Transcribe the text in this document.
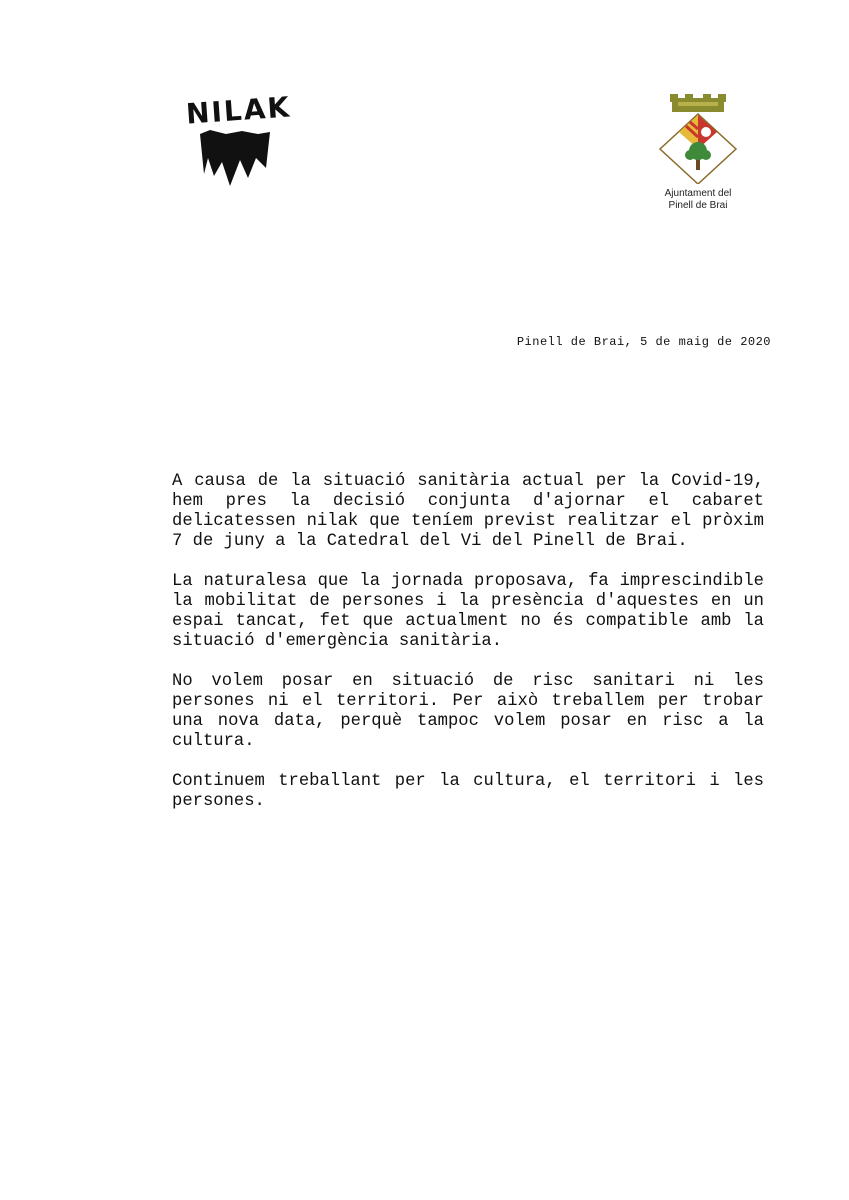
NILAK
Ajuntament del
Pinell de Brai
Pinell de Brai, 5 de maig de 2020

A causa de la situació sanitària actual per la Covid-19, hem pres la decisió conjunta d'ajornar el cabaret delicatessen nilak que teníem previst realitzar el pròxim 7 de juny a la Catedral del Vi del Pinell de Brai.

La naturalesa que la jornada proposava, fa imprescindible la mobilitat de persones i la presència d'aquestes en un espai tancat, fet que actualment no és compatible amb la situació d'emergència sanitària.

No volem posar en situació de risc sanitari ni les persones ni el territori. Per això treballem per trobar una nova data, perquè tampoc volem posar en risc a la cultura.

Continuem treballant per la cultura, el territori i les persones.
